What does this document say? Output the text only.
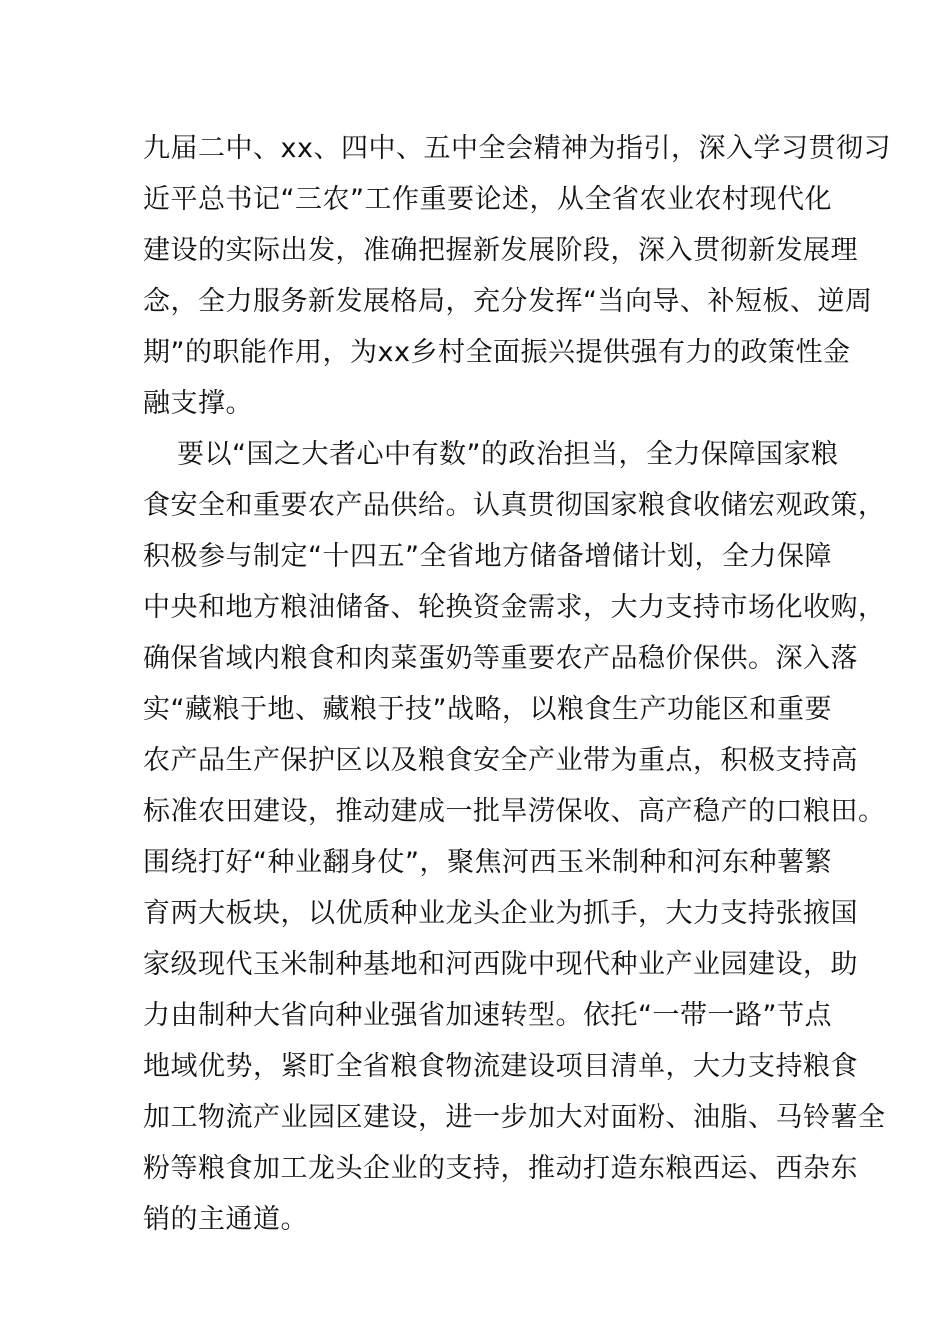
九届二中、xx、四中、五中全会精神为指引，深入学习贯彻习
近平总书记“三农”工作重要论述，从全省农业农村现代化
建设的实际出发，准确把握新发展阶段，深入贯彻新发展理
念，全力服务新发展格局，充分发挥“当向导、补短板、逆周
期”的职能作用，为xx乡村全面振兴提供强有力的政策性金
融支撑。
要以“国之大者心中有数”的政治担当，全力保障国家粮
食安全和重要农产品供给。认真贯彻国家粮食收储宏观政策，
积极参与制定“十四五”全省地方储备增储计划，全力保障
中央和地方粮油储备、轮换资金需求，大力支持市场化收购，
确保省域内粮食和肉菜蛋奶等重要农产品稳价保供。深入落
实“藏粮于地、藏粮于技”战略，以粮食生产功能区和重要
农产品生产保护区以及粮食安全产业带为重点，积极支持高
标准农田建设，推动建成一批旱涝保收、高产稳产的口粮田。
围绕打好“种业翻身仗”，聚焦河西玉米制种和河东种薯繁
育两大板块，以优质种业龙头企业为抓手，大力支持张掖国
家级现代玉米制种基地和河西陇中现代种业产业园建设，助
力由制种大省向种业强省加速转型。依托“一带一路”节点
地域优势，紧盯全省粮食物流建设项目清单，大力支持粮食
加工物流产业园区建设，进一步加大对面粉、油脂、马铃薯全
粉等粮食加工龙头企业的支持，推动打造东粮西运、西杂东
销的主通道。
